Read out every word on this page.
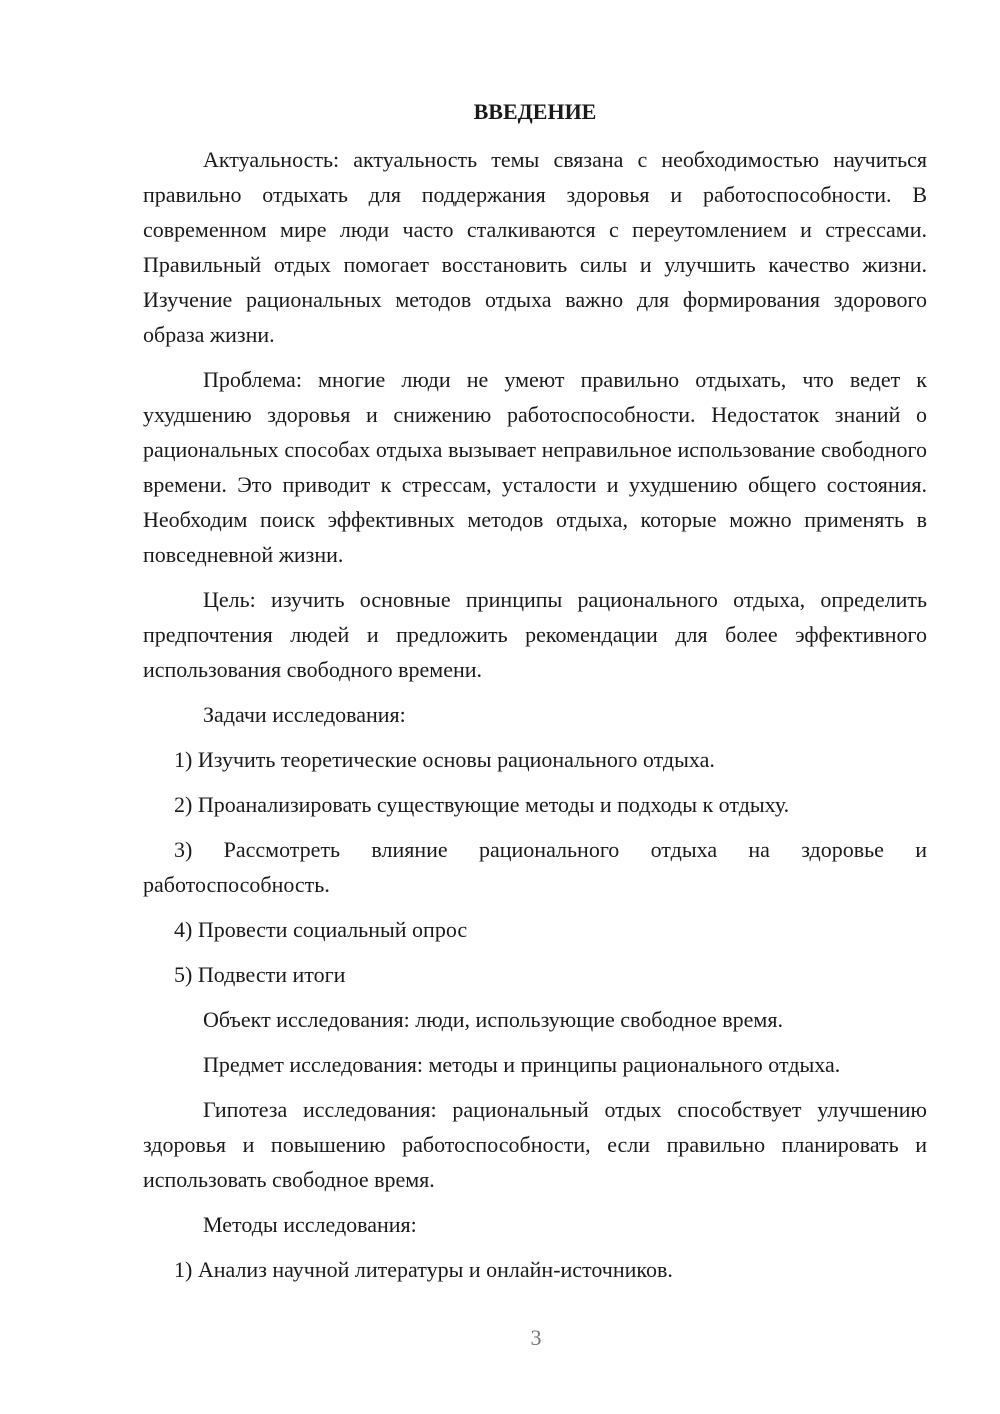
ВВЕДЕНИЕ

Актуальность: актуальность темы связана с необходимостью научиться правильно отдыхать для поддержания здоровья и работоспособности. В современном мире люди часто сталкиваются с переутомлением и стрессами. Правильный отдых помогает восстановить силы и улучшить качество жизни. Изучение рациональных методов отдыха важно для формирования здорового образа жизни.

Проблема: многие люди не умеют правильно отдыхать, что ведет к ухудшению здоровья и снижению работоспособности. Недостаток знаний о рациональных способах отдыха вызывает неправильное использование свободного времени. Это приводит к стрессам, усталости и ухудшению общего состояния. Необходим поиск эффективных методов отдыха, которые можно применять в повседневной жизни.

Цель: изучить основные принципы рационального отдыха, определить предпочтения людей и предложить рекомендации для более эффективного использования свободного времени.

Задачи исследования:

1) Изучить теоретические основы рационального отдыха.

2) Проанализировать существующие методы и подходы к отдыху.

3) Рассмотреть влияние рационального отдыха на здоровье и работоспособность.

4) Провести социальный опрос

5) Подвести итоги

Объект исследования: люди, использующие свободное время.

Предмет исследования: методы и принципы рационального отдыха.

Гипотеза исследования: рациональный отдых способствует улучшению здоровья и повышению работоспособности, если правильно планировать и использовать свободное время.

Методы исследования:

1) Анализ научной литературы и онлайн-источников.

3
